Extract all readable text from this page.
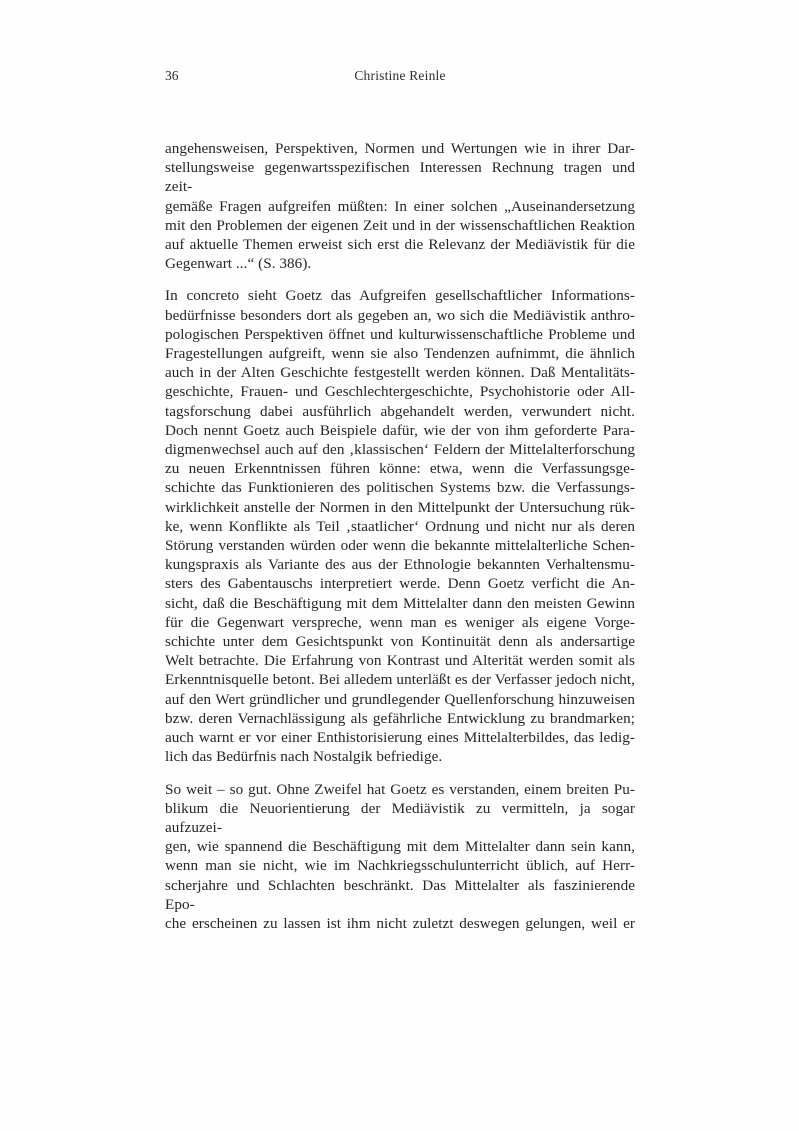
36	Christine Reinle
angehensweisen, Perspektiven, Normen und Wertungen wie in ihrer Dar-
stellungsweise gegenwartsspezifischen Interessen Rechnung tragen und zeit-
gemäße Fragen aufgreifen müßten: In einer solchen „Auseinandersetzung
mit den Problemen der eigenen Zeit und in der wissenschaftlichen Reaktion
auf aktuelle Themen erweist sich erst die Relevanz der Mediävistik für die
Gegenwart ...“ (S. 386).
In concreto sieht Goetz das Aufgreifen gesellschaftlicher Informations-
bedürfnisse besonders dort als gegeben an, wo sich die Mediävistik anthro-
pologischen Perspektiven öffnet und kulturwissenschaftliche Probleme und
Fragestellungen aufgreift, wenn sie also Tendenzen aufnimmt, die ähnlich
auch in der Alten Geschichte festgestellt werden können. Daß Mentalitäts-
geschichte, Frauen- und Geschlechtergeschichte, Psychohistorie oder All-
tagsforschung dabei ausführlich abgehandelt werden, verwundert nicht.
Doch nennt Goetz auch Beispiele dafür, wie der von ihm geforderte Para-
digmenwechsel auch auf den ‚klassischen‘ Feldern der Mittelalterforschung
zu neuen Erkenntnissen führen könne: etwa, wenn die Verfassungsge-
schichte das Funktionieren des politischen Systems bzw. die Verfassungs-
wirklichkeit anstelle der Normen in den Mittelpunkt der Untersuchung rük-
ke, wenn Konflikte als Teil ‚staatlicher‘ Ordnung und nicht nur als deren
Störung verstanden würden oder wenn die bekannte mittelalterliche Schen-
kungspraxis als Variante des aus der Ethnologie bekannten Verhaltensmu-
sters des Gabentauschs interpretiert werde. Denn Goetz verficht die An-
sicht, daß die Beschäftigung mit dem Mittelalter dann den meisten Gewinn
für die Gegenwart verspreche, wenn man es weniger als eigene Vorge-
schichte unter dem Gesichtspunkt von Kontinuität denn als andersartige
Welt betrachte. Die Erfahrung von Kontrast und Alterität werden somit als
Erkenntnisquelle betont. Bei alledem unterläßt es der Verfasser jedoch nicht,
auf den Wert gründlicher und grundlegender Quellenforschung hinzuweisen
bzw. deren Vernachlässigung als gefährliche Entwicklung zu brandmarken;
auch warnt er vor einer Enthistorisierung eines Mittelalterbildes, das ledig-
lich das Bedürfnis nach Nostalgik befriedige.
So weit – so gut. Ohne Zweifel hat Goetz es verstanden, einem breiten Pu-
blikum die Neuorientierung der Mediävistik zu vermitteln, ja sogar aufzuzei-
gen, wie spannend die Beschäftigung mit dem Mittelalter dann sein kann,
wenn man sie nicht, wie im Nachkriegsschulunterricht üblich, auf Herr-
scherjahre und Schlachten beschränkt. Das Mittelalter als faszinierende Epo-
che erscheinen zu lassen ist ihm nicht zuletzt deswegen gelungen, weil er
